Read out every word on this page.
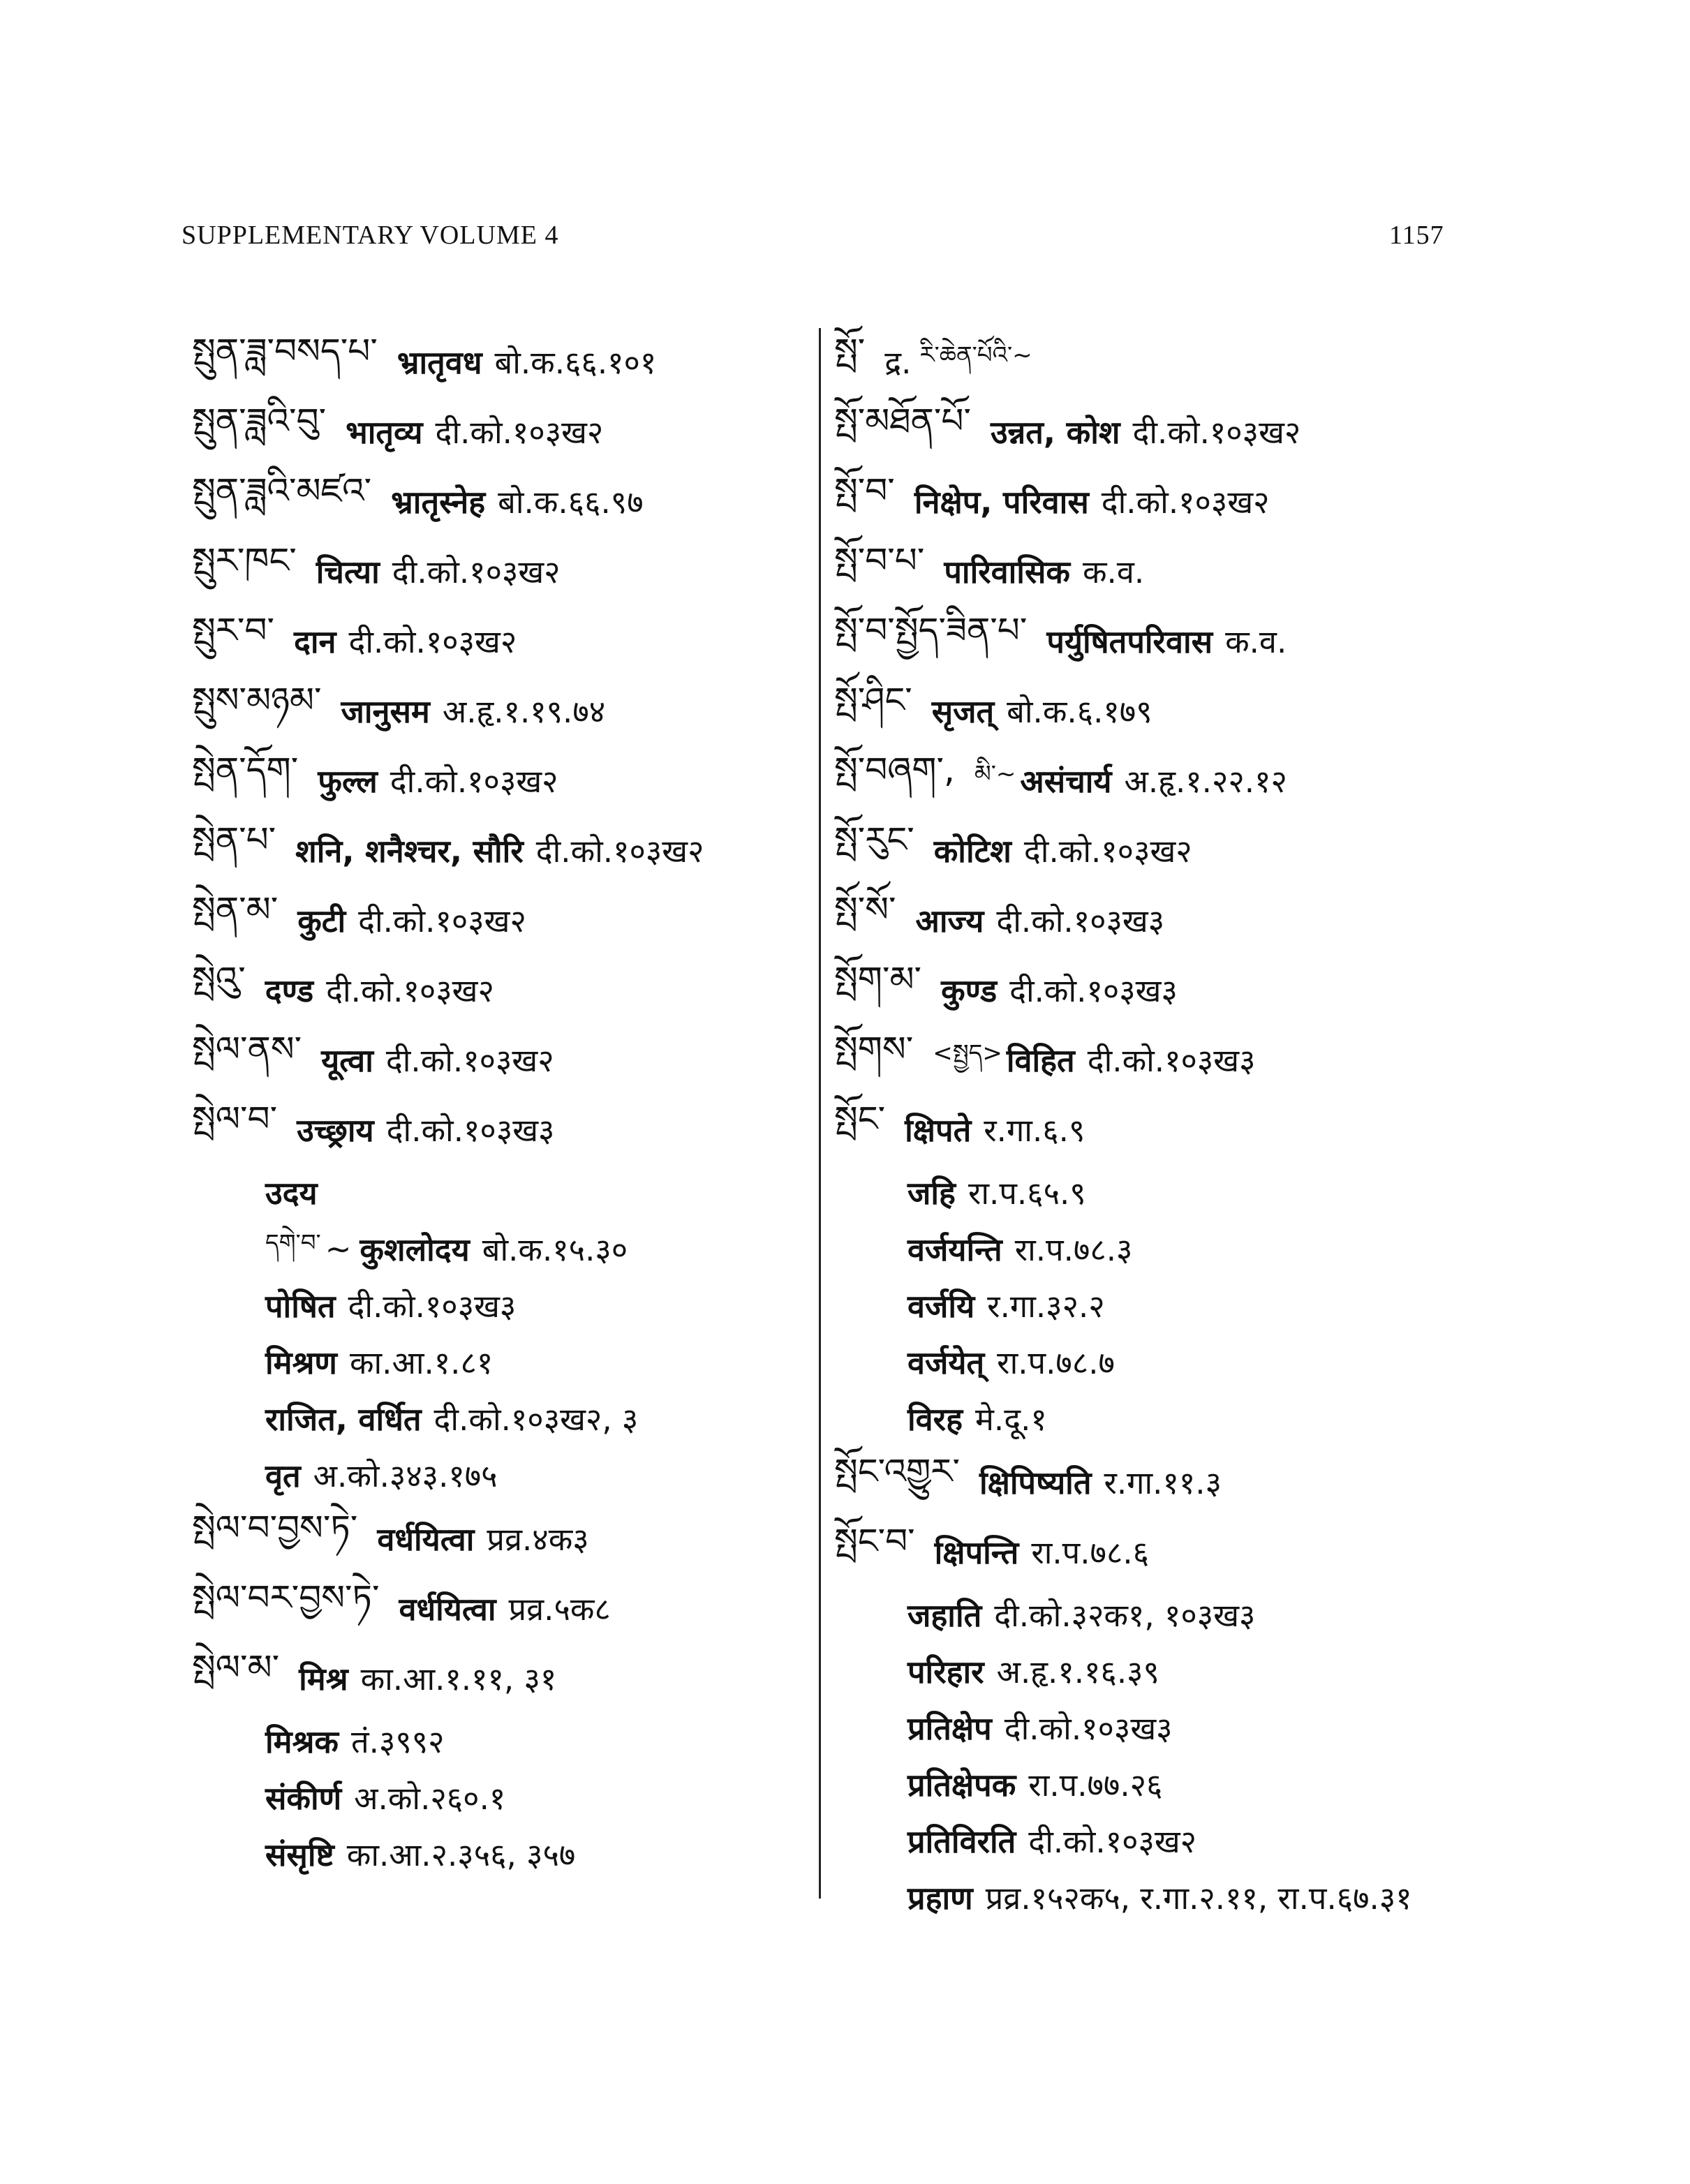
SUPPLEMENTARY VOLUME 4	1157
སྤུན་ཟླ་བསད་པ་ भ्रातृवध बो.क.६६.१०१
སྤུན་ཟླའི་བུ་ भातृव्य दी.को.१०३ख२
སྤུན་ཟླའི་མཛའ་ भ्रातृस्नेह बो.क.६६.९७
སྤུར་ཁང་ चित्या दी.को.१०३ख२
སྤུར་བ་ दान दी.को.१०३ख२
སྤུས་མཉམ་ जानुसम अ.हृ.१.१९.७४
སྤེན་དོག་ फुल्ल दी.को.१०३ख२
སྤེན་པ་ शनि, शनैश्चर, सौरि दी.को.१०३ख२
སྤེན་མ་ कुटी दी.को.१०३ख२
སྤེའུ་ दण्ड दी.को.१०३ख२
སྤེལ་ནས་ यूत्वा दी.को.१०३ख२
སྤེལ་བ་ उच्छ्राय दी.को.१०३ख३
उदय
དགེ་བ་ ~ कुशलोदय बो.क.१५.३०
पोषित दी.को.१०३ख३
मिश्रण का.आ.१.८१
राजित, वर्धित दी.को.१०३ख२, ३
वृत अ.को.३४३.१७५
སྤེལ་བ་བྱས་ཏེ་ वर्धयित्वा प्रव्र.४क३
སྤེལ་བར་བྱས་ཏེ་ वर्धयित्वा प्रव्र.५क८
སྤེལ་མ་ मिश्र का.आ.१.११, ३१
मिश्रक तं.३९९२
संकीर्ण अ.को.२६०.१
संसृष्टि का.आ.२.३५६, ३५७
སྤོ་ द्र. རི་ཆེན་པོའི་~
སྤོ་མཐོན་པོ་ उन्नत, कोश दी.को.१०३ख२
སྤོ་བ་ निक्षेप, परिवास दी.को.१०३ख२
སྤོ་བ་པ་ पारिवासिक क.व.
སྤོ་བ་སྤྱོད་ཟིན་པ་ पर्युषितपरिवास क.व.
སྤོ་ཤིང་ सृजत् बो.क.६.१७९
སྤོ་བཞག་, མི་~ असंचार्य अ.हृ.१.२२.१२
སྤོ་རུང་ कोटिश दी.को.१०३ख२
སྤོ་སོ་ आज्य दी.को.१०३ख३
སྤོག་མ་ कुण्ड दी.को.१०३ख३
སྤོགས་ <སྤྱད> विहित दी.को.१०३ख३
སྤོང་ क्षिपते र.गा.६.९
जहि रा.प.६५.९
वर्जयन्ति रा.प.७८.३
वर्जयि र.गा.३२.२
वर्जयेत् रा.प.७८.७
विरह मे.दू.१
སྤོང་འགྱུར་ क्षिपिष्यति र.गा.११.३
སྤོང་བ་ क्षिपन्ति रा.प.७८.६
जहाति दी.को.३२क१, १०३ख३
परिहार अ.हृ.१.१६.३९
प्रतिक्षेप दी.को.१०३ख३
प्रतिक्षेपक रा.प.७७.२६
प्रतिविरति दी.को.१०३ख२
प्रहाण प्रव्र.१५२क५, र.गा.२.११, रा.प.६७.३१
